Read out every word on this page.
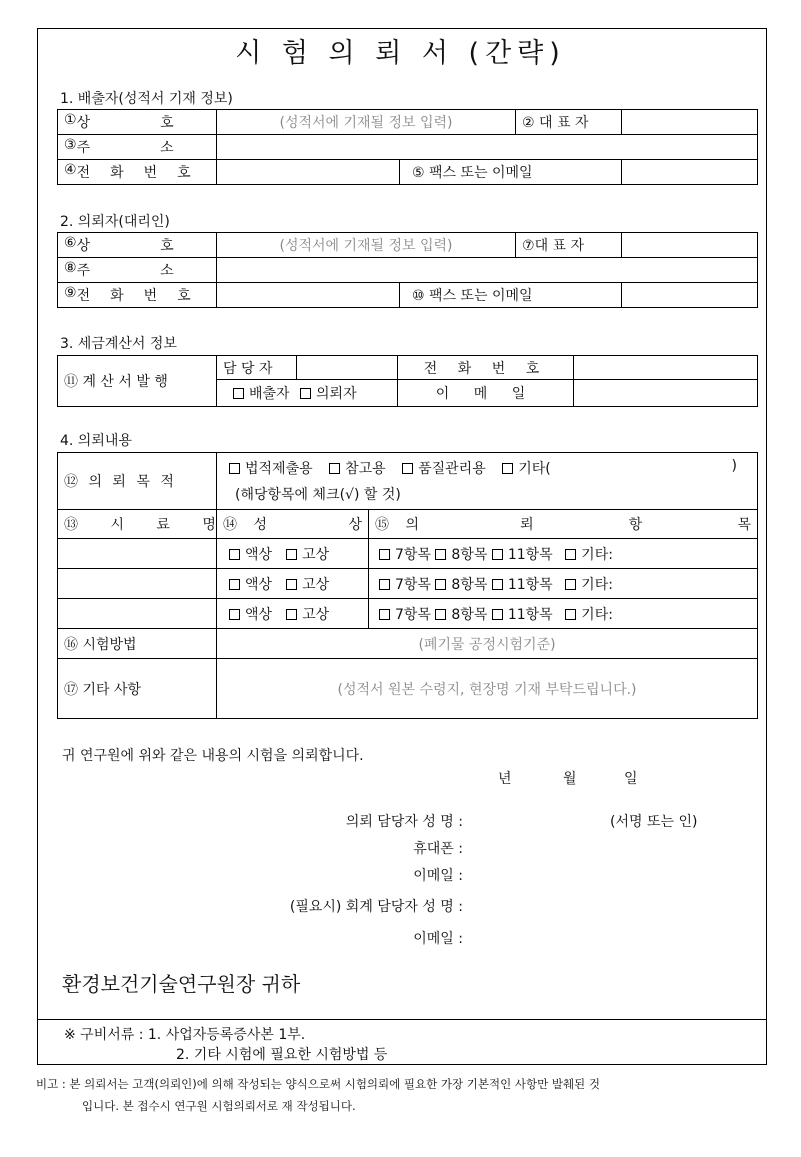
시 험 의 뢰 서 (간략)
1. 배출자(성적서 기재 정보)
① 상호	(성적서에 기재될 정보 입력)		② 대 표 자	

③ 주소				

④ 전화번호		⑤ 팩스 또는 이메일		
2. 의뢰자(대리인)
⑥ 상호	(성적서에 기재될 정보 입력)		⑦대 표 자	

⑧ 주소				

⑨ 전화번호		⑩ 팩스 또는 이메일		
3. 세금계산서 정보
⑪ 계 산 서 발 행	담 당 자		전 화 번 호	
	배출자 의뢰자		이 메 일	
4. 의뢰내용
⑫ 의 뢰 목 적	법적제출용 참고용 품질관리용 기타( )
(해당항목에 체크(√) 할 것)	

⑬ 시 료 명	⑭ 성 상	⑮ 의 뢰 항 목

	액상 고상	7항목 8항목 11항목 기타:
	액상 고상	7항목 8항목 11항목 기타:
	액상 고상	7항목 8항목 11항목 기타:
⑯ 시험방법	(폐기물 공정시험기준)	
⑰ 기타 사항	(성적서 원본 수령지, 현장명 기재 부탁드립니다.)	
귀 연구원에 위와 같은 내용의 시험을 의뢰합니다.
년	월	일
의뢰 담당자 성 명 :	(서명 또는 인)
휴대폰 :
이메일 :
(필요시) 회계 담당자 성 명 :
이메일 :
환경보건기술연구원장 귀하
※ 구비서류 : 1. 사업자등록증사본 1부.
2. 기타 시험에 필요한 시험방법 등
비고 : 본 의뢰서는 고객(의뢰인)에 의해 작성되는 양식으로써 시험의뢰에 필요한 가장 기본적인 사항만 발췌된 것
입니다. 본 접수시 연구원 시험의뢰서로 재 작성됩니다.
